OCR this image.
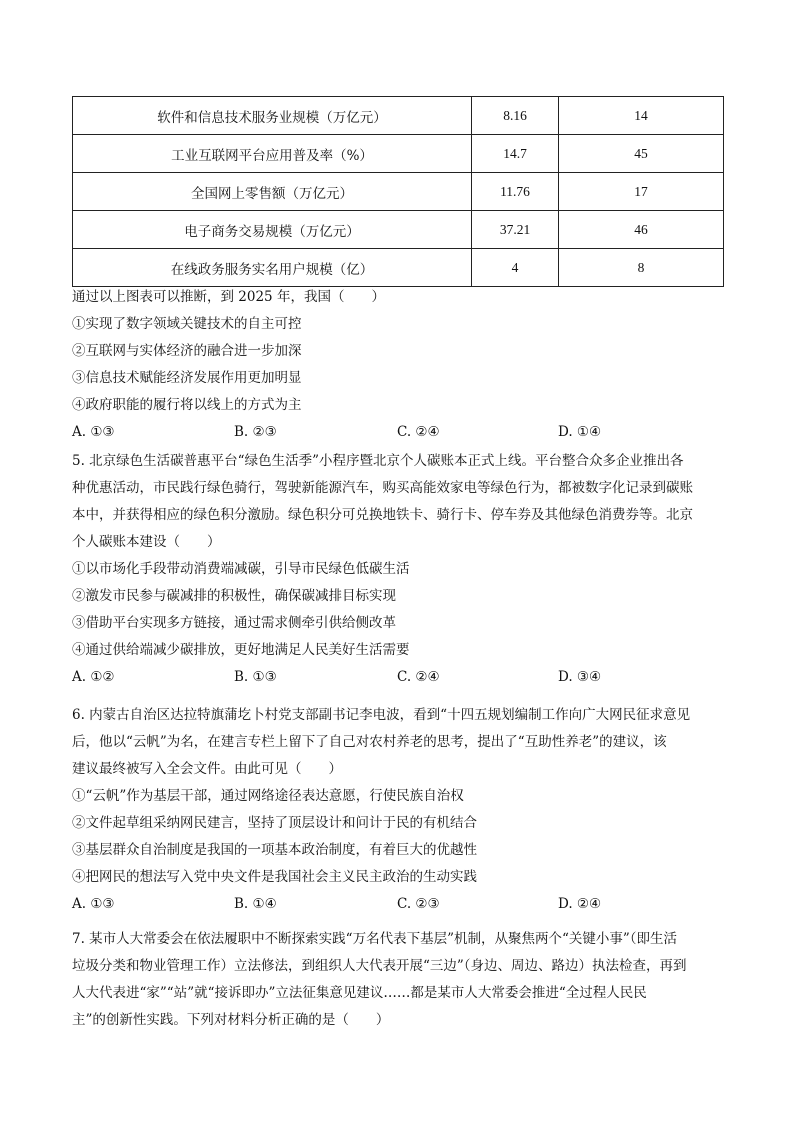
软件和信息技术服务业规模（万亿元）	8.16	14
工业互联网平台应用普及率（%）	14.7	45
全国网上零售额（万亿元）	11.76	17
电子商务交易规模（万亿元）	37.21	46
在线政务服务实名用户规模（亿）	4	8
通过以上图表可以推断，到 2025 年，我国（　　）
①实现了数字领域关键技术的自主可控
②互联网与实体经济的融合进一步加深
③信息技术赋能经济发展作用更加明显
④政府职能的履行将以线上的方式为主
A. ①③	B. ②③	C. ②④	D. ①④
5. 北京绿色生活碳普惠平台“绿色生活季”小程序暨北京个人碳账本正式上线。平台整合众多企业推出各
种优惠活动，市民践行绿色骑行，驾驶新能源汽车，购买高能效家电等绿色行为，都被数字化记录到碳账
本中，并获得相应的绿色积分激励。绿色积分可兑换地铁卡、骑行卡、停车券及其他绿色消费券等。北京
个人碳账本建设（　　）
①以市场化手段带动消费端减碳，引导市民绿色低碳生活
②激发市民参与碳减排的积极性，确保碳减排目标实现
③借助平台实现多方链接，通过需求侧牵引供给侧改革
④通过供给端减少碳排放，更好地满足人民美好生活需要
A. ①②	B. ①③	C. ②④	D. ③④
6. 内蒙古自治区达拉特旗蒲圪卜村党支部副书记李电波，看到“十四五规划编制工作向广大网民征求意见
后，他以“云帆”为名，在建言专栏上留下了自己对农村养老的思考，提出了“互助性养老”的建议，该
建议最终被写入全会文件。由此可见（　　）
①“云帆”作为基层干部，通过网络途径表达意愿，行使民族自治权
②文件起草组采纳网民建言，坚持了顶层设计和问计于民的有机结合
③基层群众自治制度是我国的一项基本政治制度，有着巨大的优越性
④把网民的想法写入党中央文件是我国社会主义民主政治的生动实践
A. ①③	B. ①④	C. ②③	D. ②④
7. 某市人大常委会在依法履职中不断探索实践“万名代表下基层”机制，从聚焦两个“关键小事”（即生活
垃圾分类和物业管理工作）立法修法，到组织人大代表开展“三边”（身边、周边、路边）执法检查，再到
人大代表进“家”“站”就“接诉即办”立法征集意见建议……都是某市人大常委会推进“全过程人民民
主”的创新性实践。下列对材料分析正确的是（　　）
